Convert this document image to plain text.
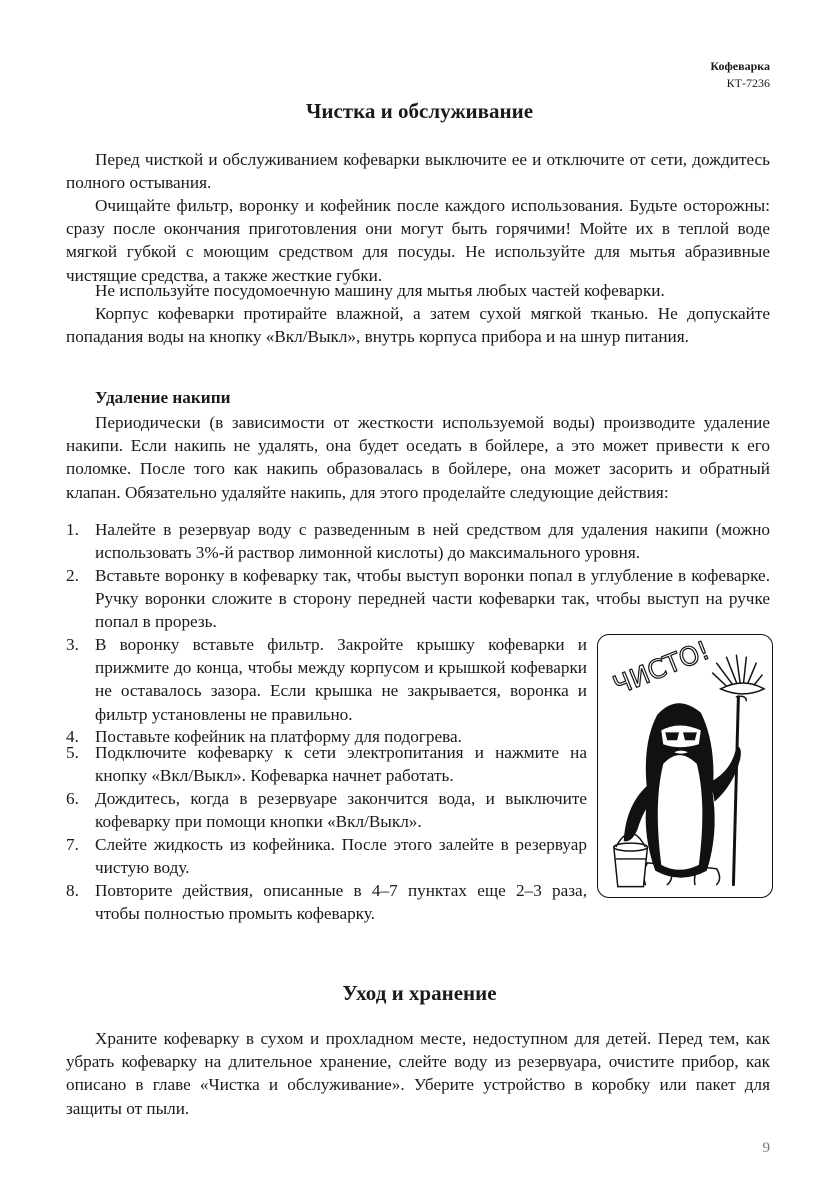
Кофеварка
КТ-7236
Чистка и обслуживание

Перед чисткой и обслуживанием кофеварки выключите ее и отключите от сети, дождитесь полного остывания.

Очищайте фильтр, воронку и кофейник после каждого использования. Будьте осторожны: сразу после окончания приготовления они могут быть горячими! Мойте их в теплой воде мягкой губкой с моющим средством для посуды. Не используйте для мытья абразивные чистящие средства, а также жесткие губки.

Не используйте посудомоечную машину для мытья любых частей кофеварки.

Корпус кофеварки протирайте влажной, а затем сухой мягкой тканью. Не допускайте попадания воды на кнопку «Вкл/Выкл», внутрь корпуса прибора и на шнур питания.

Удаление накипи

Периодически (в зависимости от жесткости используемой воды) производите удаление накипи. Если накипь не удалять, она будет оседать в бойлере, а это может привести к его поломке. После того как накипь образовалась в бойлере, она может засорить и обратный клапан. Обязательно удаляйте накипь, для этого проделайте следующие действия:

1. Налейте в резервуар воду с разведенным в ней средством для удаления накипи (можно использовать 3%-й раствор лимонной кислоты) до максимального уровня.
2. Вставьте воронку в кофеварку так, чтобы выступ воронки попал в углубление в кофеварке. Ручку воронки сложите в сторону передней части кофеварки так, чтобы выступ на ручке попал в прорезь.
3. В воронку вставьте фильтр. Закройте крышку кофеварки и прижмите до конца, чтобы между корпусом и крышкой кофеварки не оставалось зазора. Если крышка не закрывается, воронка и фильтр установлены не правильно.
4. Поставьте кофейник на платформу для подогрева.
5. Подключите кофеварку к сети электропитания и нажмите на кнопку «Вкл/Выкл». Кофеварка начнет работать.
6. Дождитесь, когда в резервуаре закончится вода, и выключите кофеварку при помощи кнопки «Вкл/Выкл».
7. Слейте жидкость из кофейника. После этого залейте в резервуар чистую воду.
8. Повторите действия, описанные в 4–7 пунктах еще 2–3 раза, чтобы полностью промыть кофеварку.
ЧИСТО!
Уход и хранение

Храните кофеварку в сухом и прохладном месте, недоступном для детей. Перед тем, как убрать кофеварку на длительное хранение, слейте воду из резервуара, очистите прибор, как описано в главе «Чистка и обслуживание». Уберите устройство в коробку или пакет для защиты от пыли.

9
